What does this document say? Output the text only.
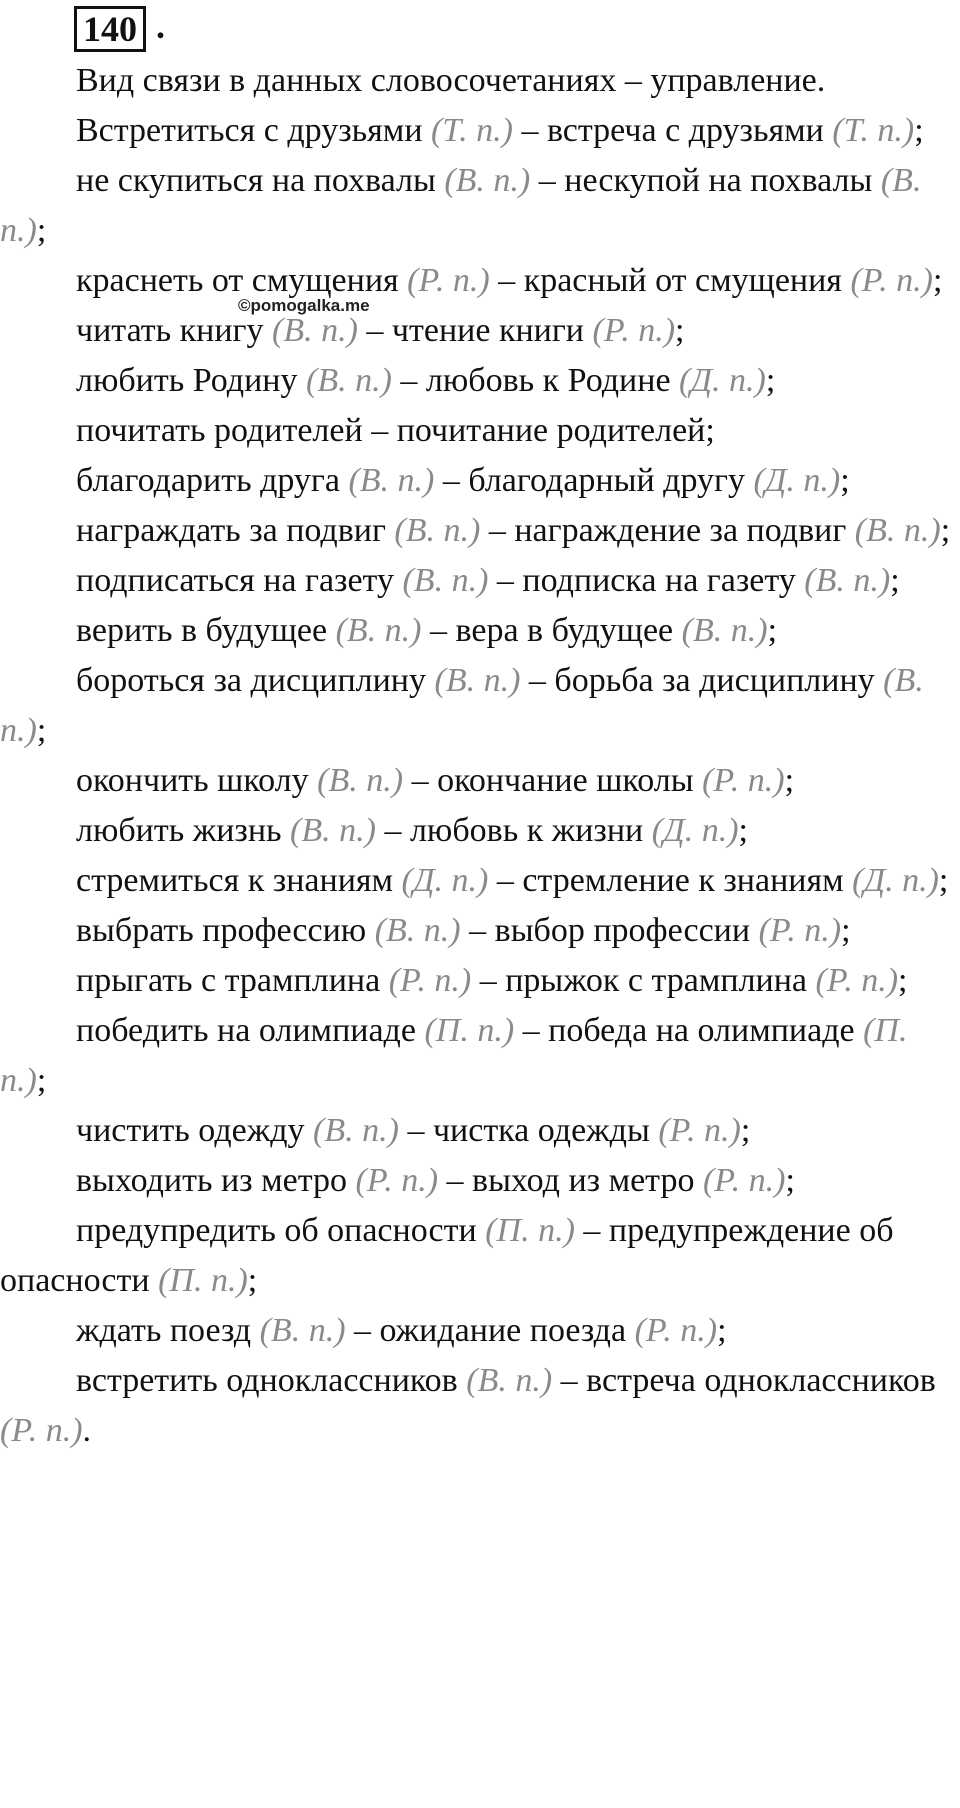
140 .
Вид связи в данных словосочетаниях – управление.
©pomogalka.me

Встретиться с друзьями (Т. п.) – встреча с друзьями (Т. п.);

не скупиться на похвалы (В. п.) – нескупой на похвалы (В. п.);

краснеть от смущения (Р. п.) – красный от смущения (Р. п.);

читать книгу (В. п.) – чтение книги (Р. п.);

любить Родину (В. п.) – любовь к Родине (Д. п.);

почитать родителей – почитание родителей;

благодарить друга (В. п.) – благодарный другу (Д. п.);

награждать за подвиг (В. п.) – награждение за подвиг (В. п.);

подписаться на газету (В. п.) – подписка на газету (В. п.);

верить в будущее (В. п.) – вера в будущее (В. п.);

бороться за дисциплину (В. п.) – борьба за дисциплину (В. п.);

окончить школу (В. п.) – окончание школы (Р. п.);

любить жизнь (В. п.) – любовь к жизни (Д. п.);

стремиться к знаниям (Д. п.) – стремление к знаниям (Д. п.);

выбрать профессию (В. п.) – выбор профессии (Р. п.);

прыгать с трамплина (Р. п.) – прыжок с трамплина (Р. п.);

победить на олимпиаде (П. п.) – победа на олимпиаде (П. п.);

чистить одежду (В. п.) – чистка одежды (Р. п.);

выходить из метро (Р. п.) – выход из метро (Р. п.);

предупредить об опасности (П. п.) – предупреждение об опасности (П. п.);

ждать поезд (В. п.) – ожидание поезда (Р. п.);

встретить одноклассников (В. п.) – встреча одноклассников (Р. п.).
